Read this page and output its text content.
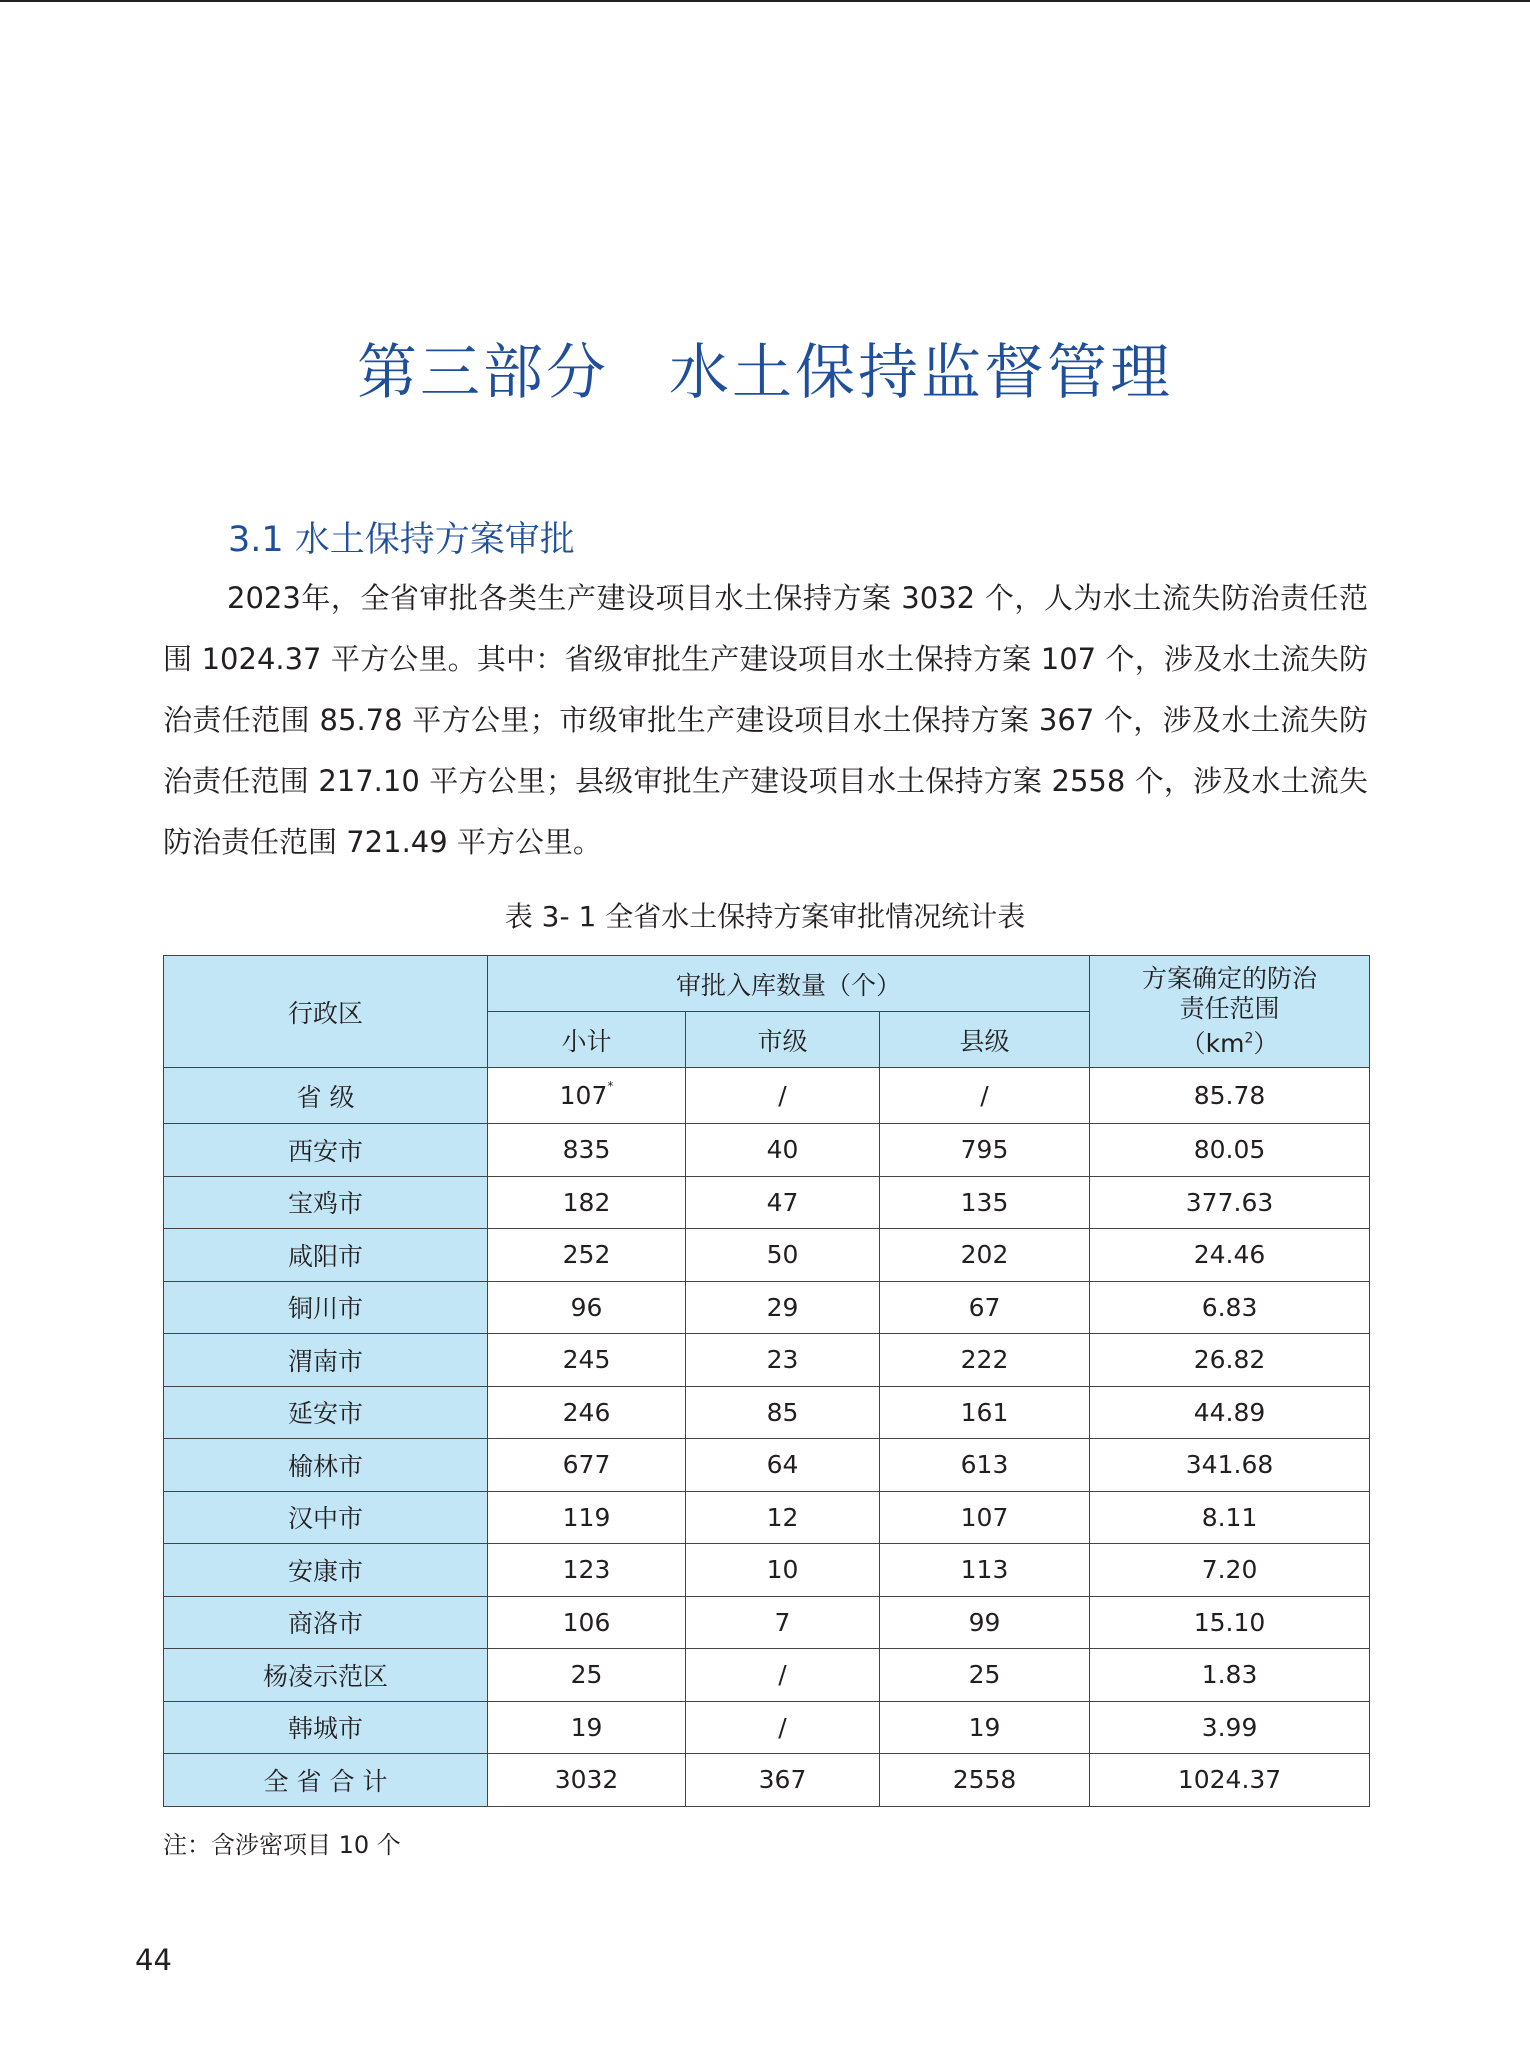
第三部分 水土保持监督管理
3.1 水土保持方案审批

2023年，全省审批各类生产建设项目水土保持方案 3032 个，人为水土流失防治责任范围 1024.37 平方公里。其中：省级审批生产建设项目水土保持方案 107 个，涉及水土流失防治责任范围 85.78 平方公里；市级审批生产建设项目水土保持方案 367 个，涉及水土流失防治责任范围 217.10 平方公里；县级审批生产建设项目水土保持方案 2558 个，涉及水土流失防治责任范围 721.49 平方公里。

表 3- 1 全省水土保持方案审批情况统计表
行政区	审批入库数量（个）			方案确定的防治
责任范围
$(km^2)$
	小计	市级	县级	
省 级	107*	/	/	85.78
西安市	835	40	795	80.05
宝鸡市	182	47	135	377.63
咸阳市	252	50	202	24.46
铜川市	96	29	67	6.83
渭南市	245	23	222	26.82
延安市	246	85	161	44.89
榆林市	677	64	613	341.68
汉中市	119	12	107	8.11
安康市	123	10	113	7.20
商洛市	106	7	99	15.10
杨凌示范区	25	/	25	1.83
韩城市	19	/	19	3.99
全 省 合 计	3032	367	2558	1024.37
注：含涉密项目 10 个
44
